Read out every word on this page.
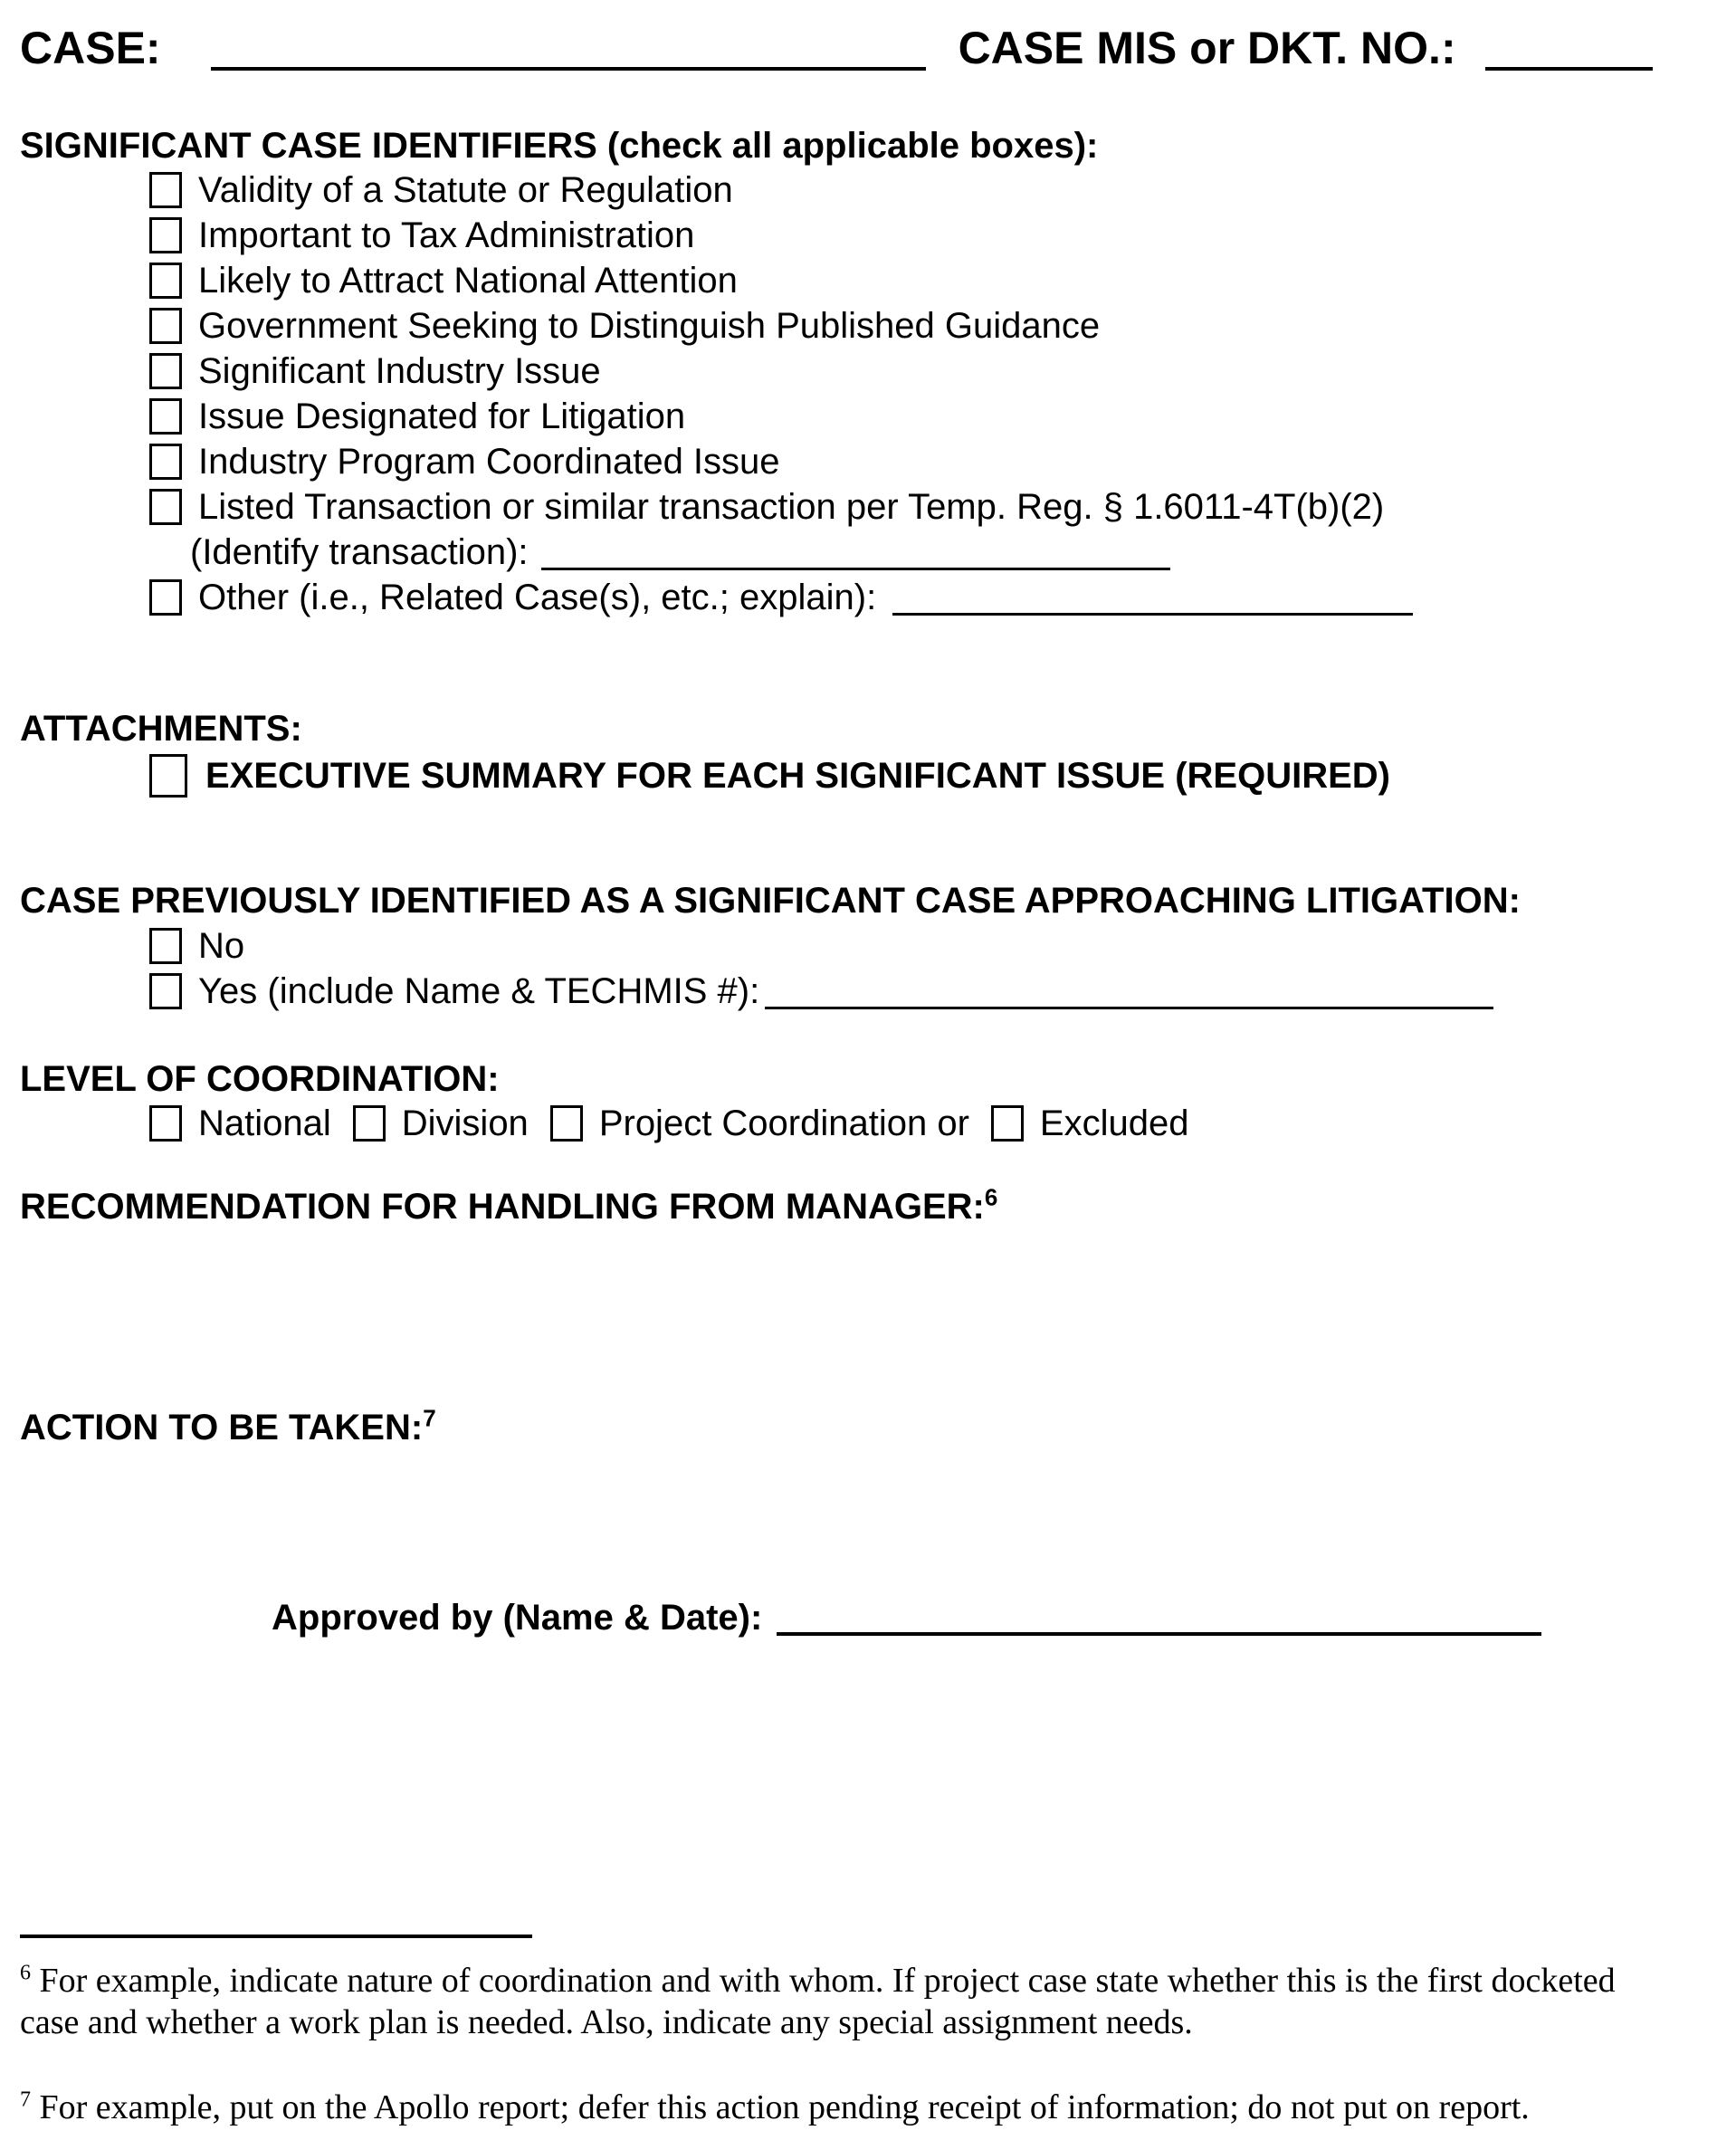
CASE:	CASE MIS or DKT. NO.:
SIGNIFICANT CASE IDENTIFIERS (check all applicable boxes):
Validity of a Statute or Regulation
Important to Tax Administration
Likely to Attract National Attention
Government Seeking to Distinguish Published Guidance
Significant Industry Issue
Issue Designated for Litigation
Industry Program Coordinated Issue
Listed Transaction or similar transaction per Temp. Reg. § 1.6011-4T(b)(2)
(Identify transaction):
Other (i.e., Related Case(s), etc.; explain):
ATTACHMENTS:
EXECUTIVE SUMMARY FOR EACH SIGNIFICANT ISSUE (REQUIRED)
CASE PREVIOUSLY IDENTIFIED AS A SIGNIFICANT CASE APPROACHING LITIGATION:
No
Yes (include Name & TECHMIS #):
LEVEL OF COORDINATION:
National Division Project Coordination or Excluded
RECOMMENDATION FOR HANDLING FROM MANAGER:$^6$
ACTION TO BE TAKEN:$^7$
Approved by (Name & Date):
$^6$ For example, indicate nature of coordination and with whom. If project case state whether this is the first docketed
case and whether a work plan is needed. Also, indicate any special assignment needs.
$^7$ For example, put on the Apollo report; defer this action pending receipt of information; do not put on report.
